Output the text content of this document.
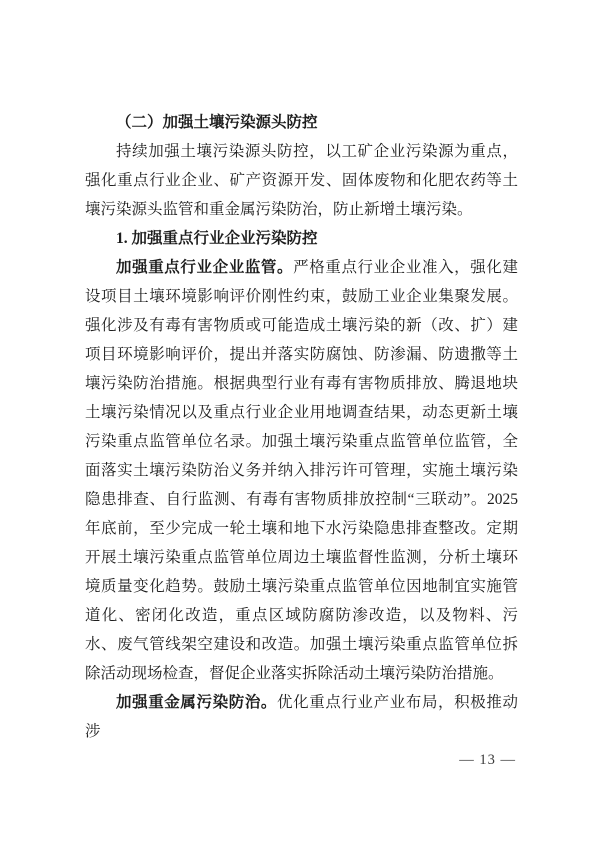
（二）加强土壤污染源头防控

持续加强土壤污染源头防控，以工矿企业污染源为重点，强化重点行业企业、矿产资源开发、固体废物和化肥农药等土壤污染源头监管和重金属污染防治，防止新增土壤污染。

1. 加强重点行业企业污染防控

加强重点行业企业监管。严格重点行业企业准入，强化建设项目土壤环境影响评价刚性约束，鼓励工业企业集聚发展。强化涉及有毒有害物质或可能造成土壤污染的新（改、扩）建项目环境影响评价，提出并落实防腐蚀、防渗漏、防遗撒等土壤污染防治措施。根据典型行业有毒有害物质排放、腾退地块土壤污染情况以及重点行业企业用地调查结果，动态更新土壤污染重点监管单位名录。加强土壤污染重点监管单位监管，全面落实土壤污染防治义务并纳入排污许可管理，实施土壤污染隐患排查、自行监测、有毒有害物质排放控制“三联动”。2025 年底前，至少完成一轮土壤和地下水污染隐患排查整改。定期开展土壤污染重点监管单位周边土壤监督性监测，分析土壤环境质量变化趋势。鼓励土壤污染重点监管单位因地制宜实施管道化、密闭化改造，重点区域防腐防渗改造，以及物料、污水、废气管线架空建设和改造。加强土壤污染重点监管单位拆除活动现场检查，督促企业落实拆除活动土壤污染防治措施。

加强重金属污染防治。优化重点行业产业布局，积极推动涉

— 13 —
